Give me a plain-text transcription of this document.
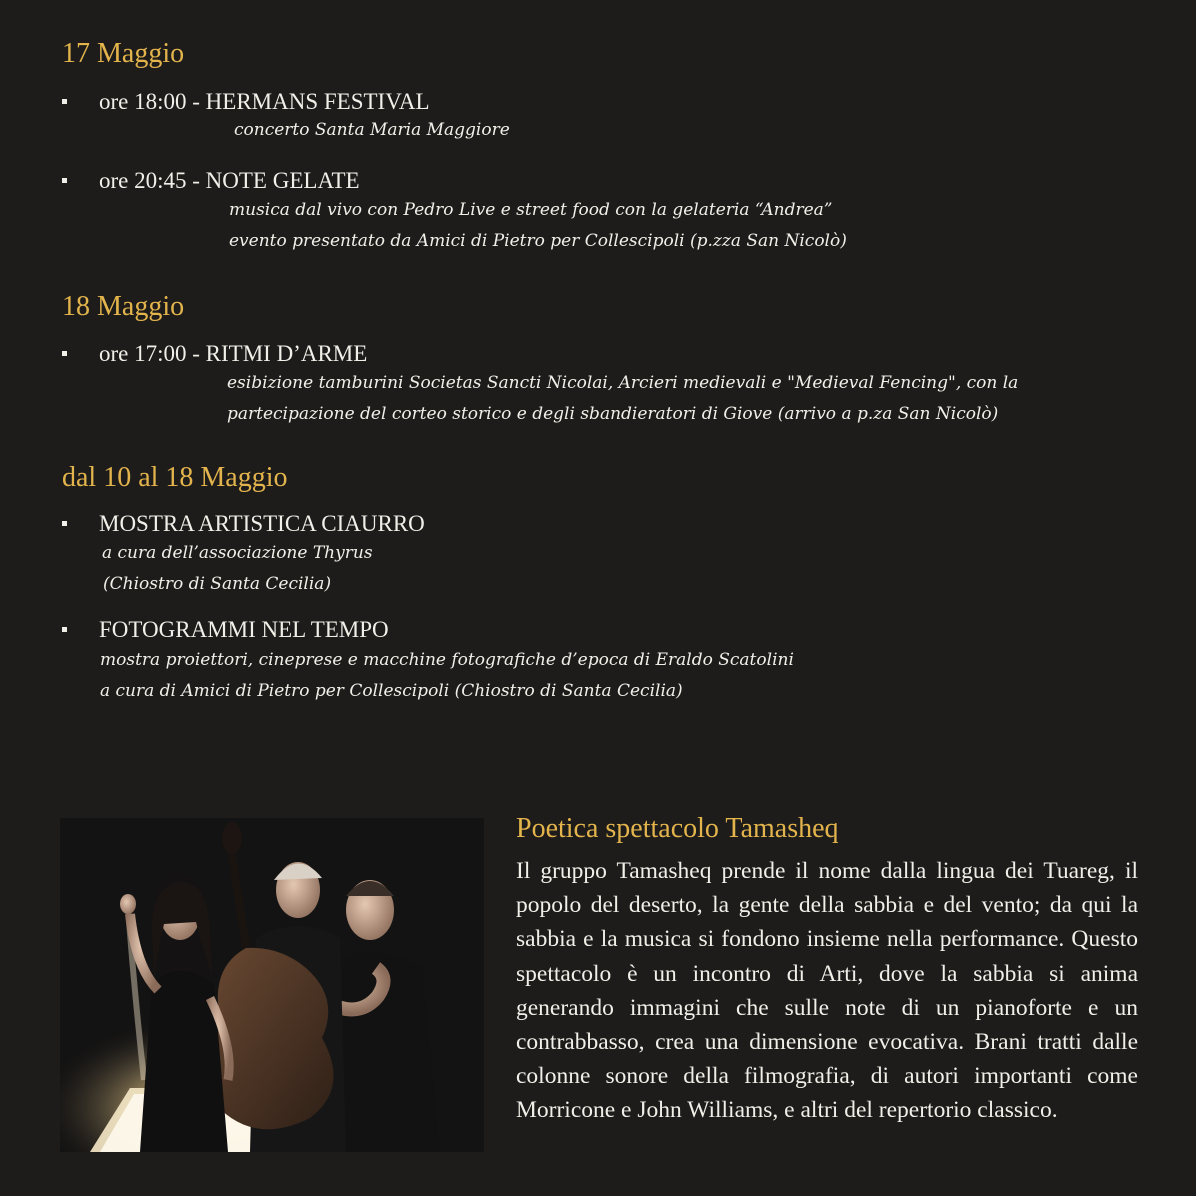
17 Maggio
ore 18:00 - HERMANS FESTIVAL
concerto Santa Maria Maggiore
ore 20:45 - NOTE GELATE
musica dal vivo con Pedro Live e street food con la gelateria “Andrea”
evento presentato da Amici di Pietro per Collescipoli (p.zza San Nicolò)
18 Maggio
ore 17:00 - RITMI D’ARME
esibizione tamburini Societas Sancti Nicolai, Arcieri medievali e "Medieval Fencing", con la
partecipazione del corteo storico e degli sbandieratori di Giove (arrivo a p.za San Nicolò)
dal 10 al 18 Maggio
MOSTRA ARTISTICA CIAURRO
a cura dell’associazione Thyrus
(Chiostro di Santa Cecilia)
FOTOGRAMMI NEL TEMPO
mostra proiettori, cineprese e macchine fotografiche d’epoca di Eraldo Scatolini
a cura di Amici di Pietro per Collescipoli (Chiostro di Santa Cecilia)
Poetica spettacolo Tamasheq
Il gruppo Tamasheq prende il nome dalla lingua dei Tuareg, il popolo del deserto, la gente della sabbia e del vento; da qui la sabbia e la musica si fondono insieme nella performance. Questo spettacolo è un incontro di Arti, dove la sabbia si anima generando immagini che sulle note di un pianoforte e un contrabbasso, crea una dimensione evocativa. Brani tratti dalle colonne sonore della filmografia, di autori importanti come Morricone e John Williams, e altri del repertorio classico.
